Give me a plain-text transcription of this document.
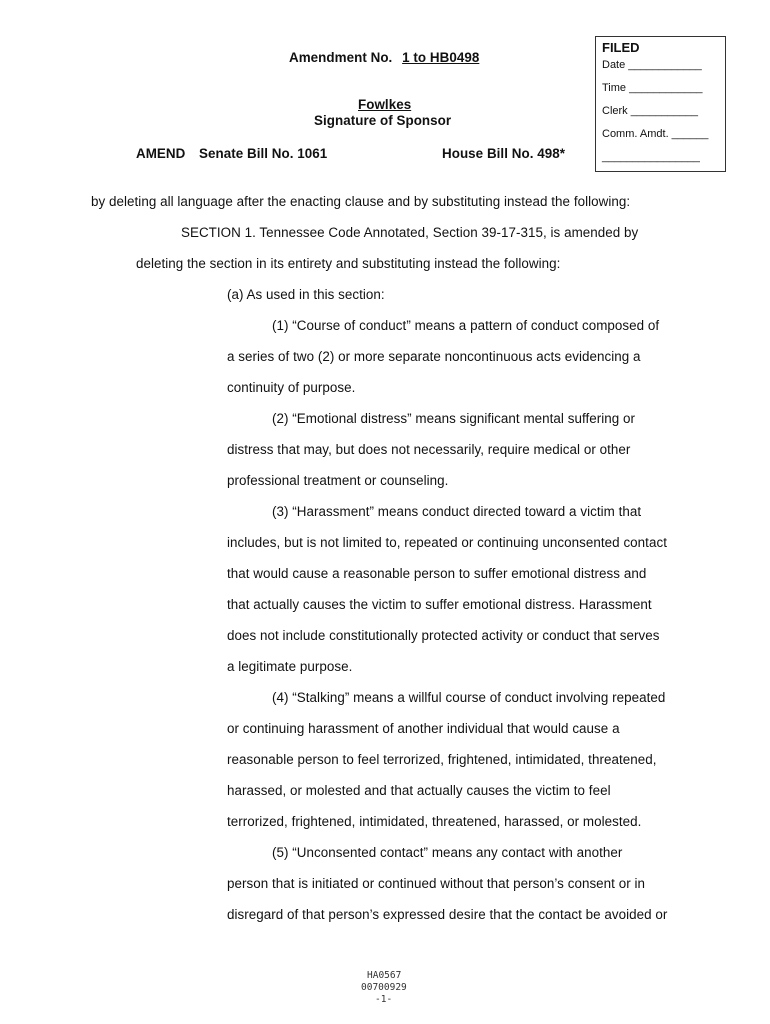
Amendment No. 1 to HB0498
Fowlkes
Signature of Sponsor
AMEND Senate Bill No. 1061	House Bill No. 498*
FILED
Date ____________
Time ____________
Clerk ___________
Comm. Amdt. ______
________________
by deleting all language after the enacting clause and by substituting instead the following:
SECTION 1. Tennessee Code Annotated, Section 39-17-315, is amended by
deleting the section in its entirety and substituting instead the following:
(a) As used in this section:
(1) “Course of conduct” means a pattern of conduct composed of
a series of two (2) or more separate noncontinuous acts evidencing a
continuity of purpose.
(2) “Emotional distress” means significant mental suffering or
distress that may, but does not necessarily, require medical or other
professional treatment or counseling.
(3) “Harassment” means conduct directed toward a victim that
includes, but is not limited to, repeated or continuing unconsented contact
that would cause a reasonable person to suffer emotional distress and
that actually causes the victim to suffer emotional distress. Harassment
does not include constitutionally protected activity or conduct that serves
a legitimate purpose.
(4) “Stalking” means a willful course of conduct involving repeated
or continuing harassment of another individual that would cause a
reasonable person to feel terrorized, frightened, intimidated, threatened,
harassed, or molested and that actually causes the victim to feel
terrorized, frightened, intimidated, threatened, harassed, or molested.
(5) “Unconsented contact” means any contact with another
person that is initiated or continued without that person’s consent or in
disregard of that person’s expressed desire that the contact be avoided or
HA0567
00700929
-1-
